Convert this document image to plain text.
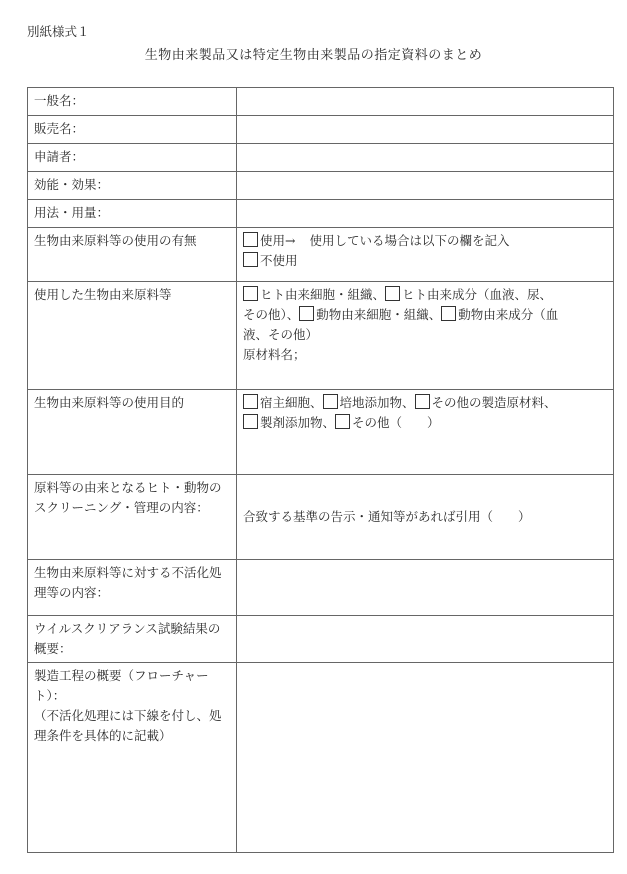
別紙様式１
生物由来製品又は特定生物由来製品の指定資料のまとめ
一般名：	
販売名：	
申請者：	
効能・効果：	
用法・用量：	
生物由来原料等の使用の有無	使用→ 使用している場合は以下の欄を記入
不使用

使用した生物由来原料等	ヒト由来細胞・組織、 ヒト由来成分（血液、尿、
その他）、 動物由来細胞・組織、 動物由来成分（血
液、その他）
原材料名；

生物由来原料等の使用目的	宿主細胞、 培地添加物、 その他の製造原材料、
製剤添加物、 その他（　　）

原料等の由来となるヒト・動物のスクリーニング・管理の内容：	合致する基準の告示・通知等があれば引用（　　）
生物由来原料等に対する不活化処理等の内容：	
ウイルスクリアランス試験結果の概要：	

製造工程の概要（フローチャート）：
（不活化処理には下線を付し、処理条件を具体的に記載）	
